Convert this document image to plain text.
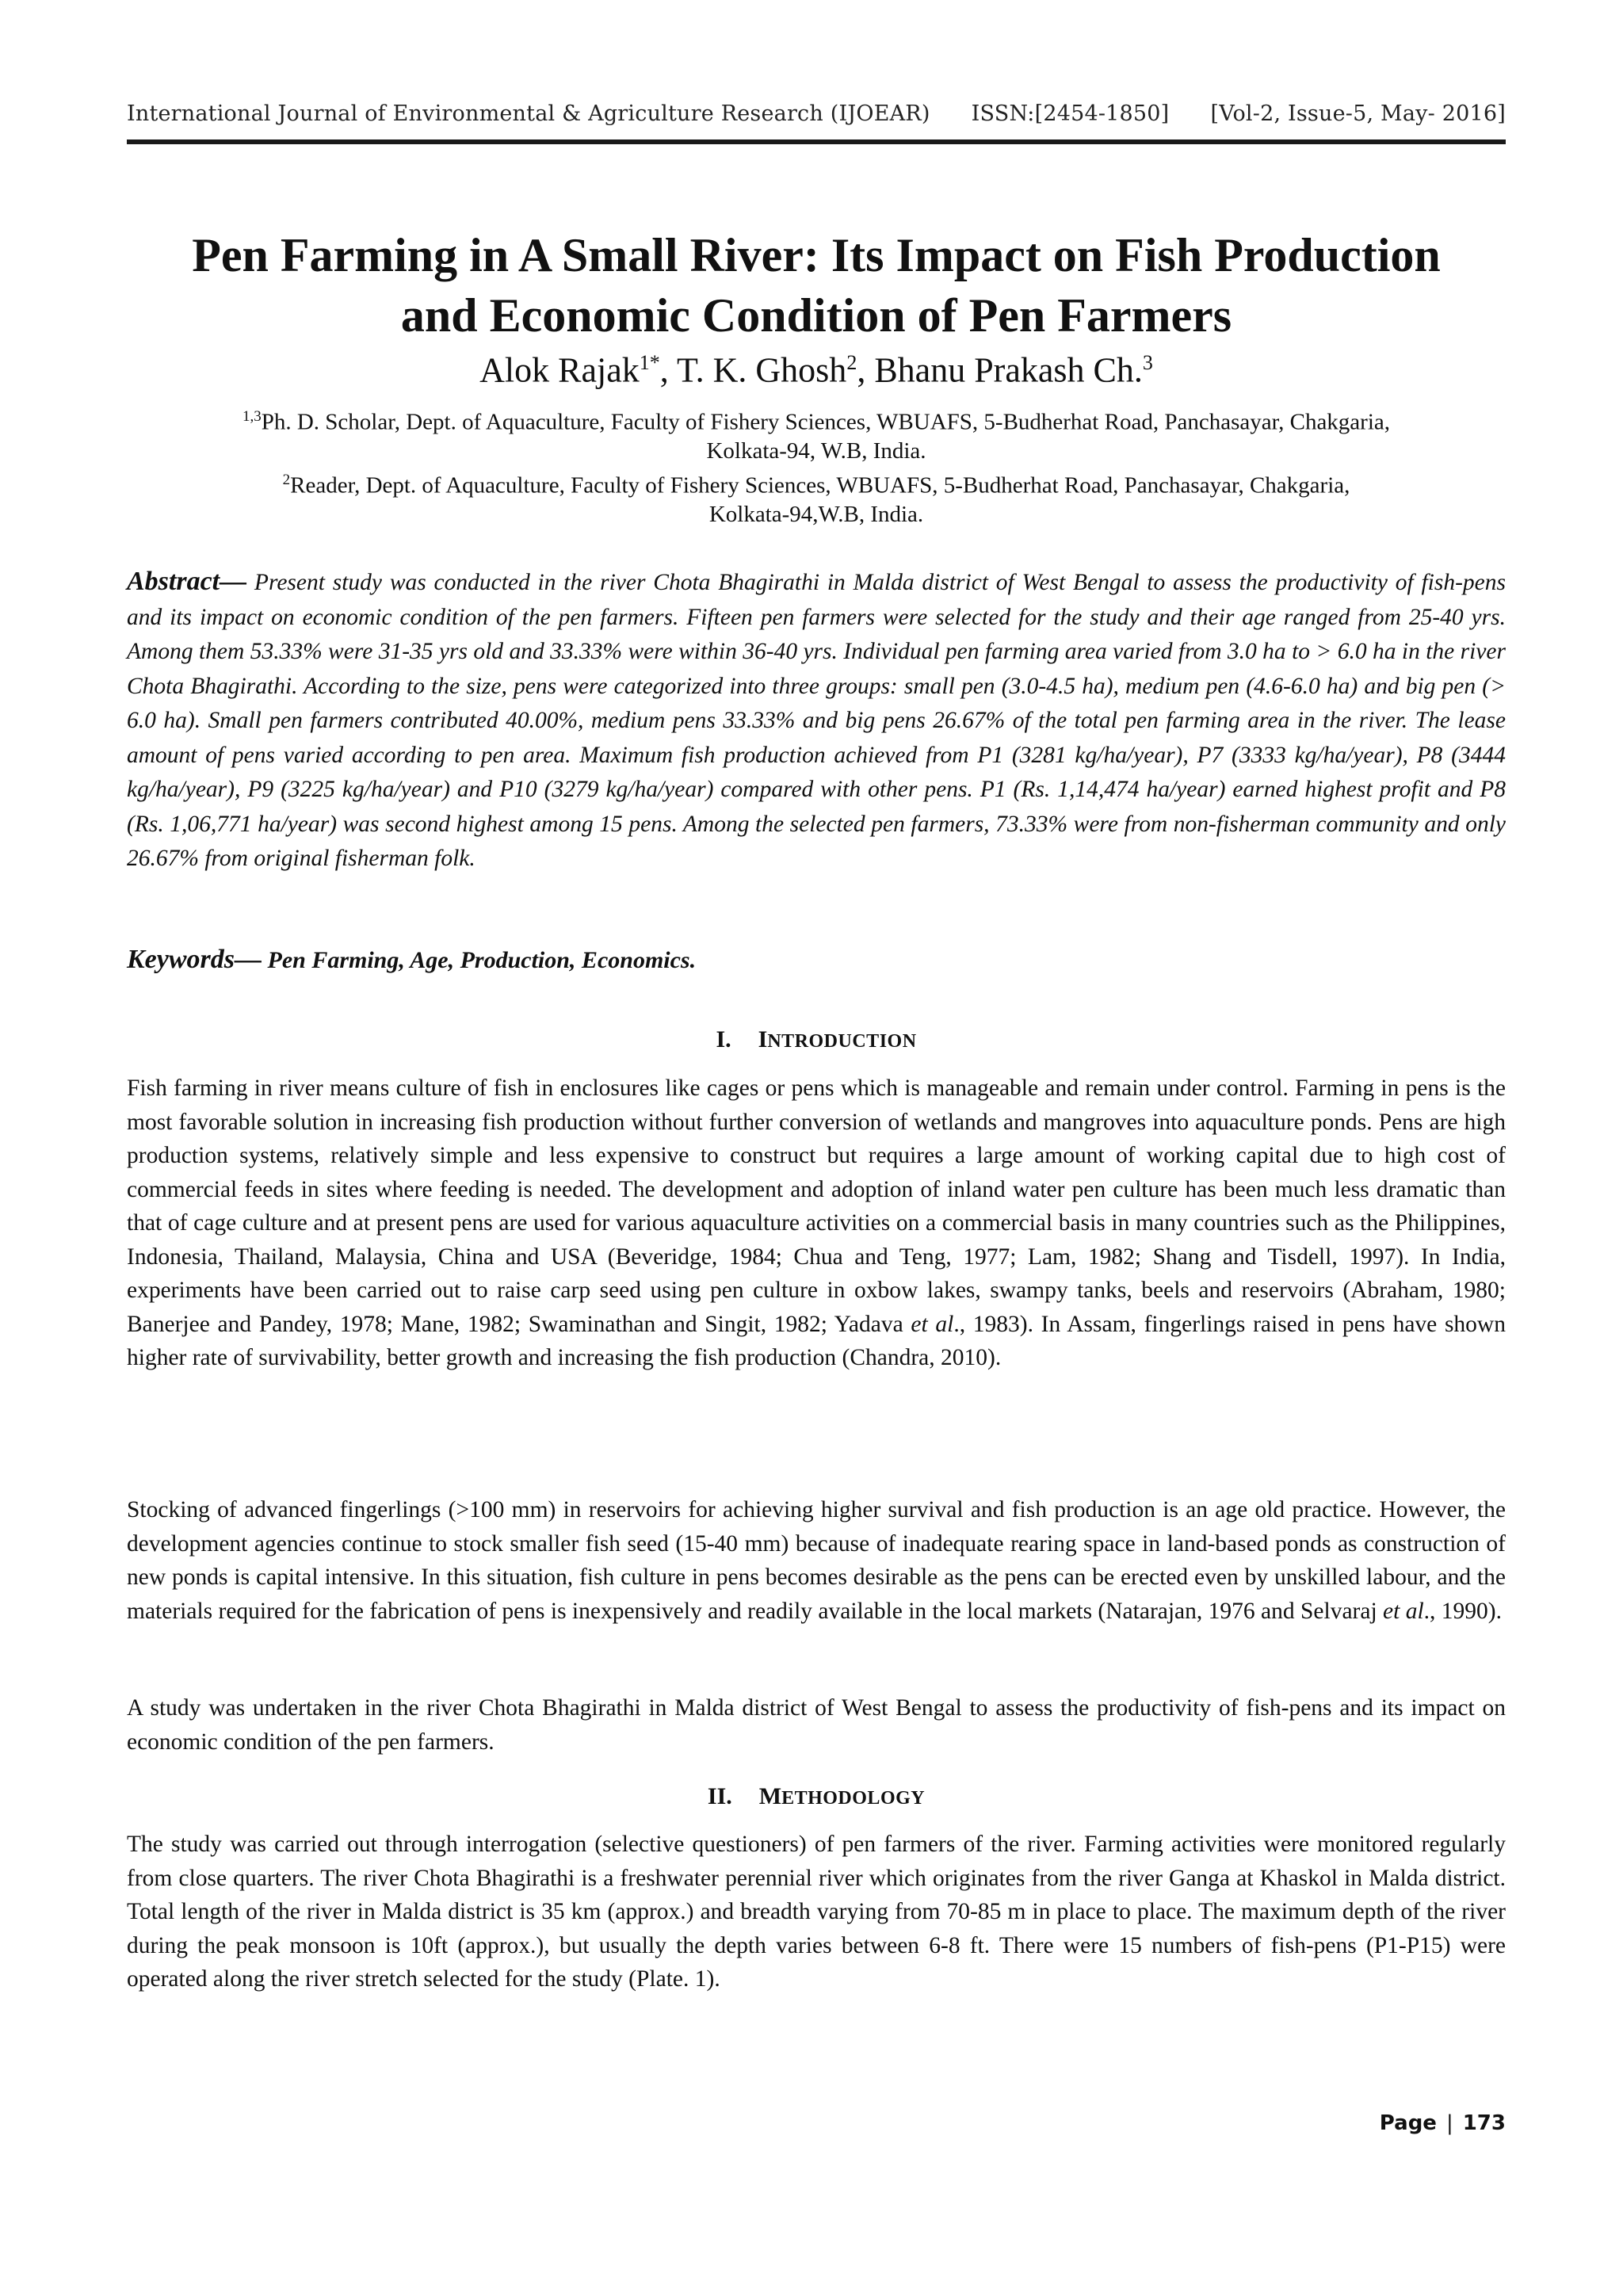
International Journal of Environmental & Agriculture Research (IJOEAR) ISSN:[2454-1850] [Vol-2, Issue-5, May- 2016]
Pen Farming in A Small River: Its Impact on Fish Production
and Economic Condition of Pen Farmers
Alok Rajak$^{1*}$, T. K. Ghosh$^2$, Bhanu Prakash Ch.$^3$

$^{1,3}$Ph. D. Scholar, Dept. of Aquaculture, Faculty of Fishery Sciences, WBUAFS, 5-Budherhat Road, Panchasayar, Chakgaria,
Kolkata-94, W.B, India.

$^2$Reader, Dept. of Aquaculture, Faculty of Fishery Sciences, WBUAFS, 5-Budherhat Road, Panchasayar, Chakgaria,
Kolkata-94,W.B, India.

Abstract— Present study was conducted in the river Chota Bhagirathi in Malda district of West Bengal to assess the productivity of fish-pens and its impact on economic condition of the pen farmers. Fifteen pen farmers were selected for the study and their age ranged from 25-40 yrs. Among them 53.33% were 31-35 yrs old and 33.33% were within 36-40 yrs. Individual pen farming area varied from 3.0 ha to > 6.0 ha in the river Chota Bhagirathi. According to the size, pens were categorized into three groups: small pen (3.0-4.5 ha), medium pen (4.6-6.0 ha) and big pen (> 6.0 ha). Small pen farmers contributed 40.00%, medium pens 33.33% and big pens 26.67% of the total pen farming area in the river. The lease amount of pens varied according to pen area. Maximum fish production achieved from P1 (3281 kg/ha/year), P7 (3333 kg/ha/year), P8 (3444 kg/ha/year), P9 (3225 kg/ha/year) and P10 (3279 kg/ha/year) compared with other pens. P1 (Rs. 1,14,474 ha/year) earned highest profit and P8 (Rs. 1,06,771 ha/year) was second highest among 15 pens. Among the selected pen farmers, 73.33% were from non-fisherman community and only 26.67% from original fisherman folk.

Keywords— Pen Farming, Age, Production, Economics.

I. INTRODUCTION

Fish farming in river means culture of fish in enclosures like cages or pens which is manageable and remain under control. Farming in pens is the most favorable solution in increasing fish production without further conversion of wetlands and mangroves into aquaculture ponds. Pens are high production systems, relatively simple and less expensive to construct but requires a large amount of working capital due to high cost of commercial feeds in sites where feeding is needed. The development and adoption of inland water pen culture has been much less dramatic than that of cage culture and at present pens are used for various aquaculture activities on a commercial basis in many countries such as the Philippines, Indonesia, Thailand, Malaysia, China and USA (Beveridge, 1984; Chua and Teng, 1977; Lam, 1982; Shang and Tisdell, 1997). In India, experiments have been carried out to raise carp seed using pen culture in oxbow lakes, swampy tanks, beels and reservoirs (Abraham, 1980; Banerjee and Pandey, 1978; Mane, 1982; Swaminathan and Singit, 1982; Yadava et al., 1983). In Assam, fingerlings raised in pens have shown higher rate of survivability, better growth and increasing the fish production (Chandra, 2010).

Stocking of advanced fingerlings (>100 mm) in reservoirs for achieving higher survival and fish production is an age old practice. However, the development agencies continue to stock smaller fish seed (15-40 mm) because of inadequate rearing space in land-based ponds as construction of new ponds is capital intensive. In this situation, fish culture in pens becomes desirable as the pens can be erected even by unskilled labour, and the materials required for the fabrication of pens is inexpensively and readily available in the local markets (Natarajan, 1976 and Selvaraj et al., 1990).

A study was undertaken in the river Chota Bhagirathi in Malda district of West Bengal to assess the productivity of fish-pens and its impact on economic condition of the pen farmers.

II. METHODOLOGY

The study was carried out through interrogation (selective questioners) of pen farmers of the river. Farming activities were monitored regularly from close quarters. The river Chota Bhagirathi is a freshwater perennial river which originates from the river Ganga at Khaskol in Malda district. Total length of the river in Malda district is 35 km (approx.) and breadth varying from 70-85 m in place to place. The maximum depth of the river during the peak monsoon is 10ft (approx.), but usually the depth varies between 6-8 ft. There were 15 numbers of fish-pens (P1-P15) were operated along the river stretch selected for the study (Plate. 1).

Page | 173
